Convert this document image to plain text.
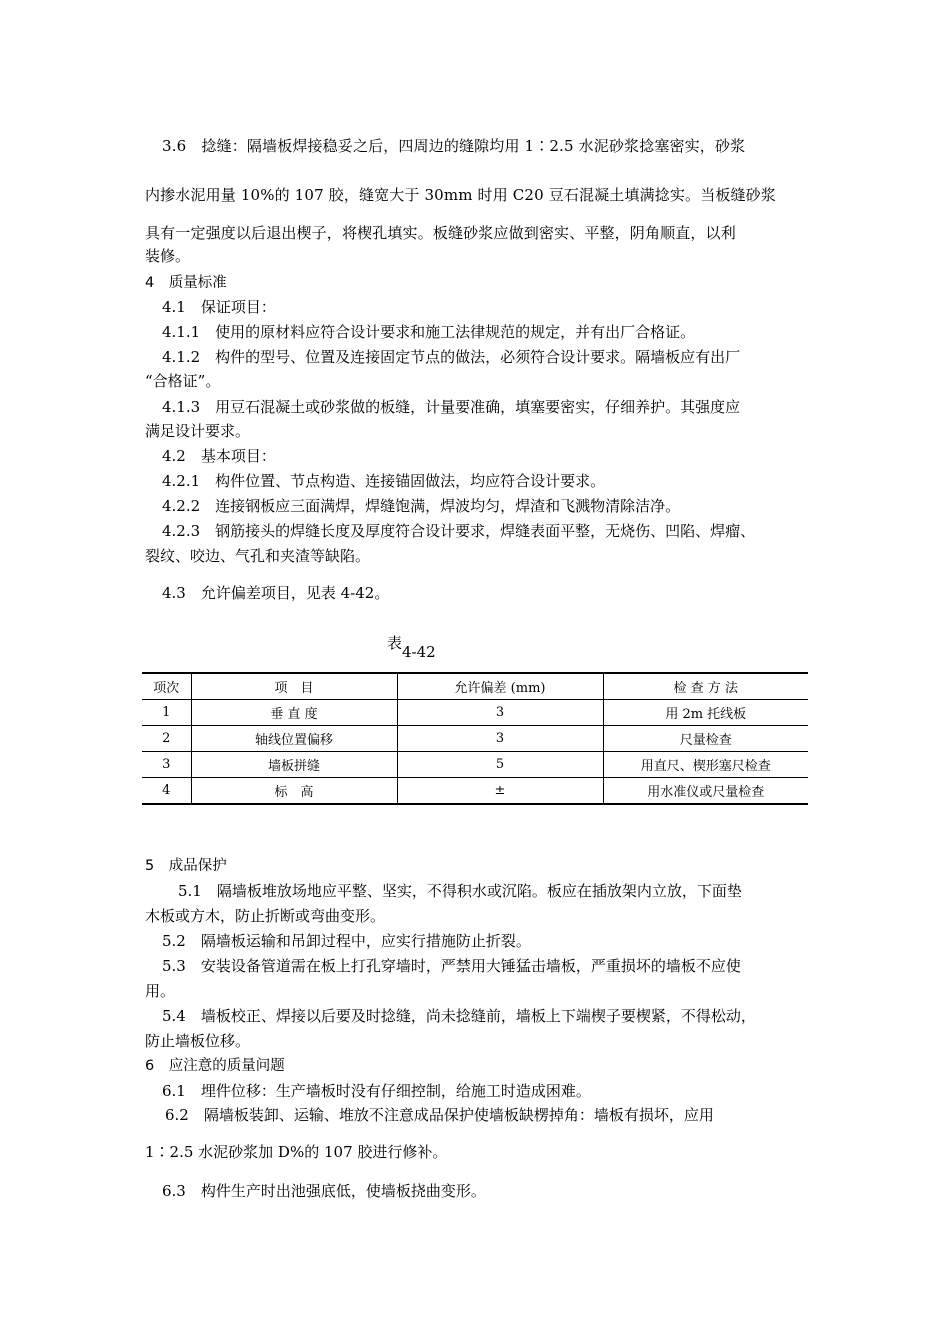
3.6　捻缝：隔墙板焊接稳妥之后，四周边的缝隙均用 1∶2.5 水泥砂浆捻塞密实，砂浆
内掺水泥用量 10%的 107 胶，缝宽大于 30mm 时用 C20 豆石混凝土填满捻实。当板缝砂浆
具有一定强度以后退出楔子，将楔孔填实。板缝砂浆应做到密实、平整，阴角顺直，以利
装修。
4　质量标准
4.1　保证项目：
4.1.1　使用的原材料应符合设计要求和施工法律规范的规定，并有出厂合格证。
4.1.2　构件的型号、位置及连接固定节点的做法，必须符合设计要求。隔墙板应有出厂
“合格证”。
4.1.3　用豆石混凝土或砂浆做的板缝，计量要准确，填塞要密实，仔细养护。其强度应
满足设计要求。
4.2　基本项目：
4.2.1　构件位置、节点构造、连接锚固做法，均应符合设计要求。
4.2.2　连接钢板应三面满焊，焊缝饱满，焊波均匀，焊渣和飞溅物清除洁净。
4.2.3　钢筋接头的焊缝长度及厚度符合设计要求，焊缝表面平整，无烧伤、凹陷、焊瘤、
裂纹、咬边、气孔和夹渣等缺陷。
4.3　允许偏差项目，见表 4-42。
表4-42
项次	项　目	允许偏差 (mm)	检 查 方 法
1	垂 直 度	3	用 2m 托线板
2	轴线位置偏移	3	尺量检查
3	墙板拼缝	5	用直尺、楔形塞尺检查
4	标　高	±	用水准仪或尺量检查
5　成品保护
5.1　隔墙板堆放场地应平整、坚实，不得积水或沉陷。板应在插放架内立放，下面垫
木板或方木，防止折断或弯曲变形。
5.2　隔墙板运输和吊卸过程中，应实行措施防止折裂。
5.3　安装设备管道需在板上打孔穿墙时，严禁用大锤猛击墙板，严重损坏的墙板不应使
用。
5.4　墙板校正、焊接以后要及时捻缝，尚未捻缝前，墙板上下端楔子要楔紧，不得松动，
防止墙板位移。
6　应注意的质量问题
6.1　埋件位移：生产墙板时没有仔细控制，给施工时造成困难。
6.2　隔墙板装卸、运输、堆放不注意成品保护使墙板缺楞掉角：墙板有损坏，应用
1∶2.5 水泥砂浆加 D%的 107 胶进行修补。
6.3　构件生产时出池强底低，使墙板挠曲变形。
